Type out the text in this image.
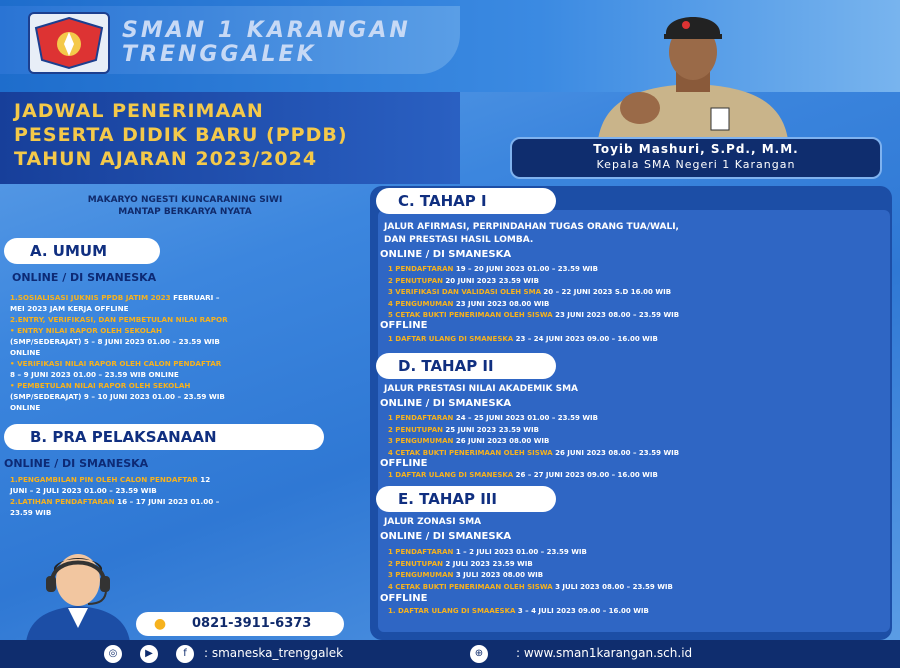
SMAN 1 KARANGAN
TRENGGALEK
JADWAL PENERIMAAN
PESERTA DIDIK BARU (PPDB)
TAHUN AJARAN 2023/2024	Toyib Mashuri, S.Pd., M.M.
Kepala SMA Negeri 1 Karangan
MAKARYO NGESTI KUNCARANING SIWI
MANTAP BERKARYA NYATA
A. UMUM
ONLINE / DI SMANESKA
1.SOSIALISASI JUKNIS PPDB JATIM 2023 FEBRUARI –
MEI 2023 JAM KERJA OFFLINE
2.ENTRY, VERIFIKASI, DAN PEMBETULAN NILAI RAPOR
• ENTRY NILAI RAPOR OLEH SEKOLAH
(SMP/SEDERAJAT) 5 – 8 JUNI 2023 01.00 – 23.59 WIB
ONLINE
• VERIFIKASI NILAI RAPOR OLEH CALON PENDAFTAR
8 – 9 JUNI 2023 01.00 – 23.59 WIB ONLINE
• PEMBETULAN NILAI RAPOR OLEH SEKOLAH
(SMP/SEDERAJAT) 9 – 10 JUNI 2023 01.00 – 23.59 WIB
ONLINE
B. PRA PELAKSANAAN
ONLINE / DI SMANESKA
1.PENGAMBILAN PIN OLEH CALON PENDAFTAR 12
JUNI – 2 JULI 2023 01.00 – 23.59 WIB
2.LATIHAN PENDAFTARAN 16 – 17 JUNI 2023 01.00 –
23.59 WIB
C. TAHAP I
JALUR AFIRMASI, PERPINDAHAN TUGAS ORANG TUA/WALI,
DAN PRESTASI HASIL LOMBA.
ONLINE / DI SMANESKA
1 PENDAFTARAN 19 – 20 JUNI 2023 01.00 – 23.59 WIB
2 PENUTUPAN 20 JUNI 2023 23.59 WIB
3 VERIFIKASI DAN VALIDASI OLEH SMA 20 – 22 JUNI 2023 S.D 16.00 WIB
4 PENGUMUMAN 23 JUNI 2023 08.00 WIB
5 CETAK BUKTI PENERIMAAN OLEH SISWA 23 JUNI 2023 08.00 – 23.59 WIB
OFFLINE
1 DAFTAR ULANG DI SMANESKA 23 – 24 JUNI 2023 09.00 – 16.00 WIB
D. TAHAP II
JALUR PRESTASI NILAI AKADEMIK SMA
ONLINE / DI SMANESKA
1 PENDAFTARAN 24 – 25 JUNI 2023 01.00 – 23.59 WIB
2 PENUTUPAN 25 JUNI 2023 23.59 WIB
3 PENGUMUMAN 26 JUNI 2023 08.00 WIB
4 CETAK BUKTI PENERIMAAN OLEH SISWA 26 JUNI 2023 08.00 – 23.59 WIB
OFFLINE
1 DAFTAR ULANG DI SMANESKA 26 – 27 JUNI 2023 09.00 – 16.00 WIB
E. TAHAP III
JALUR ZONASI SMA
ONLINE / DI SMANESKA
1 PENDAFTARAN 1 – 2 JULI 2023 01.00 – 23.59 WIB
2 PENUTUPAN 2 JULI 2023 23.59 WIB
3 PENGUMUMAN 3 JULI 2023 08.00 WIB
4 CETAK BUKTI PENERIMAAN OLEH SISWA 3 JULI 2023 08.00 – 23.59 WIB
OFFLINE
1. DAFTAR ULANG DI SMAAESKA 3 – 4 JULI 2023 09.00 – 16.00 WIB
0821-3911-6373
●
◎	▶	f	: smaneska_trenggalek	⊕	: www.sman1karangan.sch.id
